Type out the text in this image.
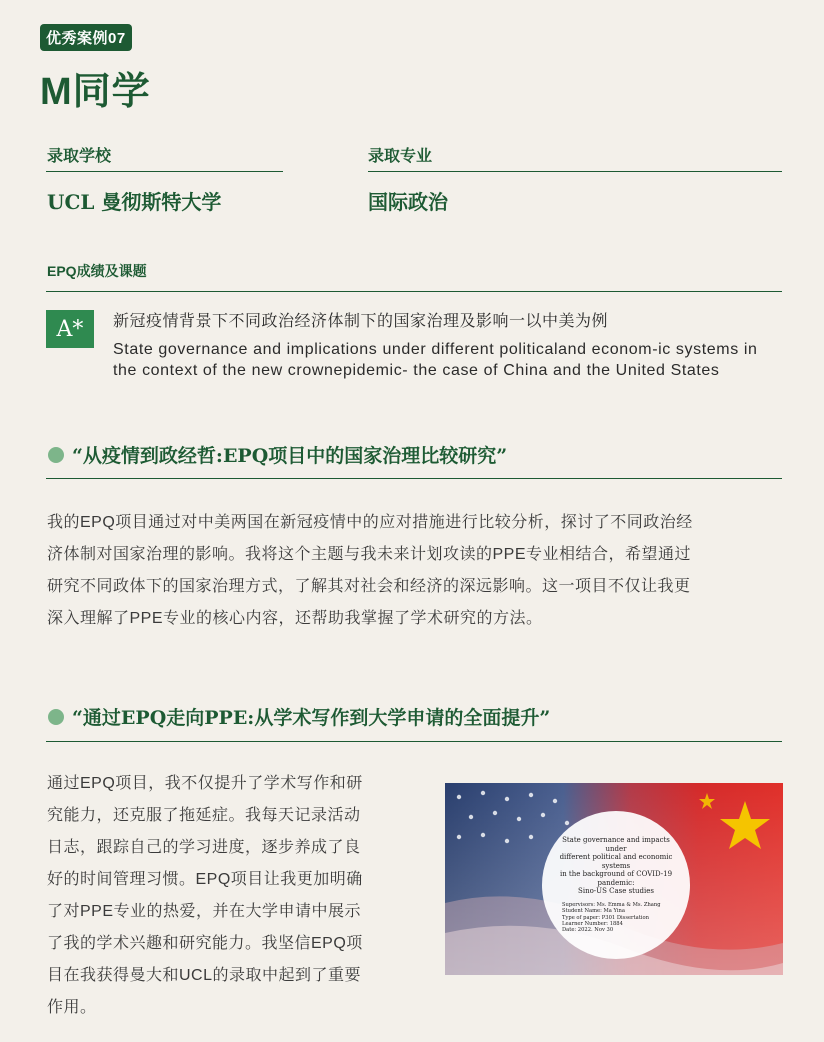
优秀案例07
M同学
录取学校
UCL 曼彻斯特大学
录取专业
国际政治
EPQ成绩及课题
A*	新冠疫情背景下不同政治经济体制下的国家治理及影响一以中美为例
State governance and implications under different politicaland econom-ic systems in the context of the new crownepidemic- the case of China and the United States
“从疫情到政经哲:EPQ项目中的国家治理比较研究”
我的EPQ项目通过对中美两国在新冠疫情中的应对措施进行比较分析，探讨了不同政治经
济体制对国家治理的影响。我将这个主题与我未来计划攻读的PPE专业相结合，希望通过
研究不同政体下的国家治理方式，了解其对社会和经济的深远影响。这一项目不仅让我更
深入理解了PPE专业的核心内容，还帮助我掌握了学术研究的方法。
“通过EPQ走向PPE:从学术写作到大学申请的全面提升”
通过EPQ项目，我不仅提升了学术写作和研
究能力，还克服了拖延症。我每天记录活动
日志，跟踪自己的学习进度，逐步养成了良
好的时间管理习惯。EPQ项目让我更加明确
了对PPE专业的热爱，并在大学申请中展示
了我的学术兴趣和研究能力。我坚信EPQ项
目在我获得曼大和UCL的录取中起到了重要
作用。
State governance and impacts under
different political and economic systems
in the background of COVID-19
pandemic:
Sino-US Case studies
Supervisors: Ms. Emma & Ms. Zhang
Student Name: Ma Yina
Type of paper: P301 Dissertation
Learner Number: 1884
Date: 2022. Nov 30
